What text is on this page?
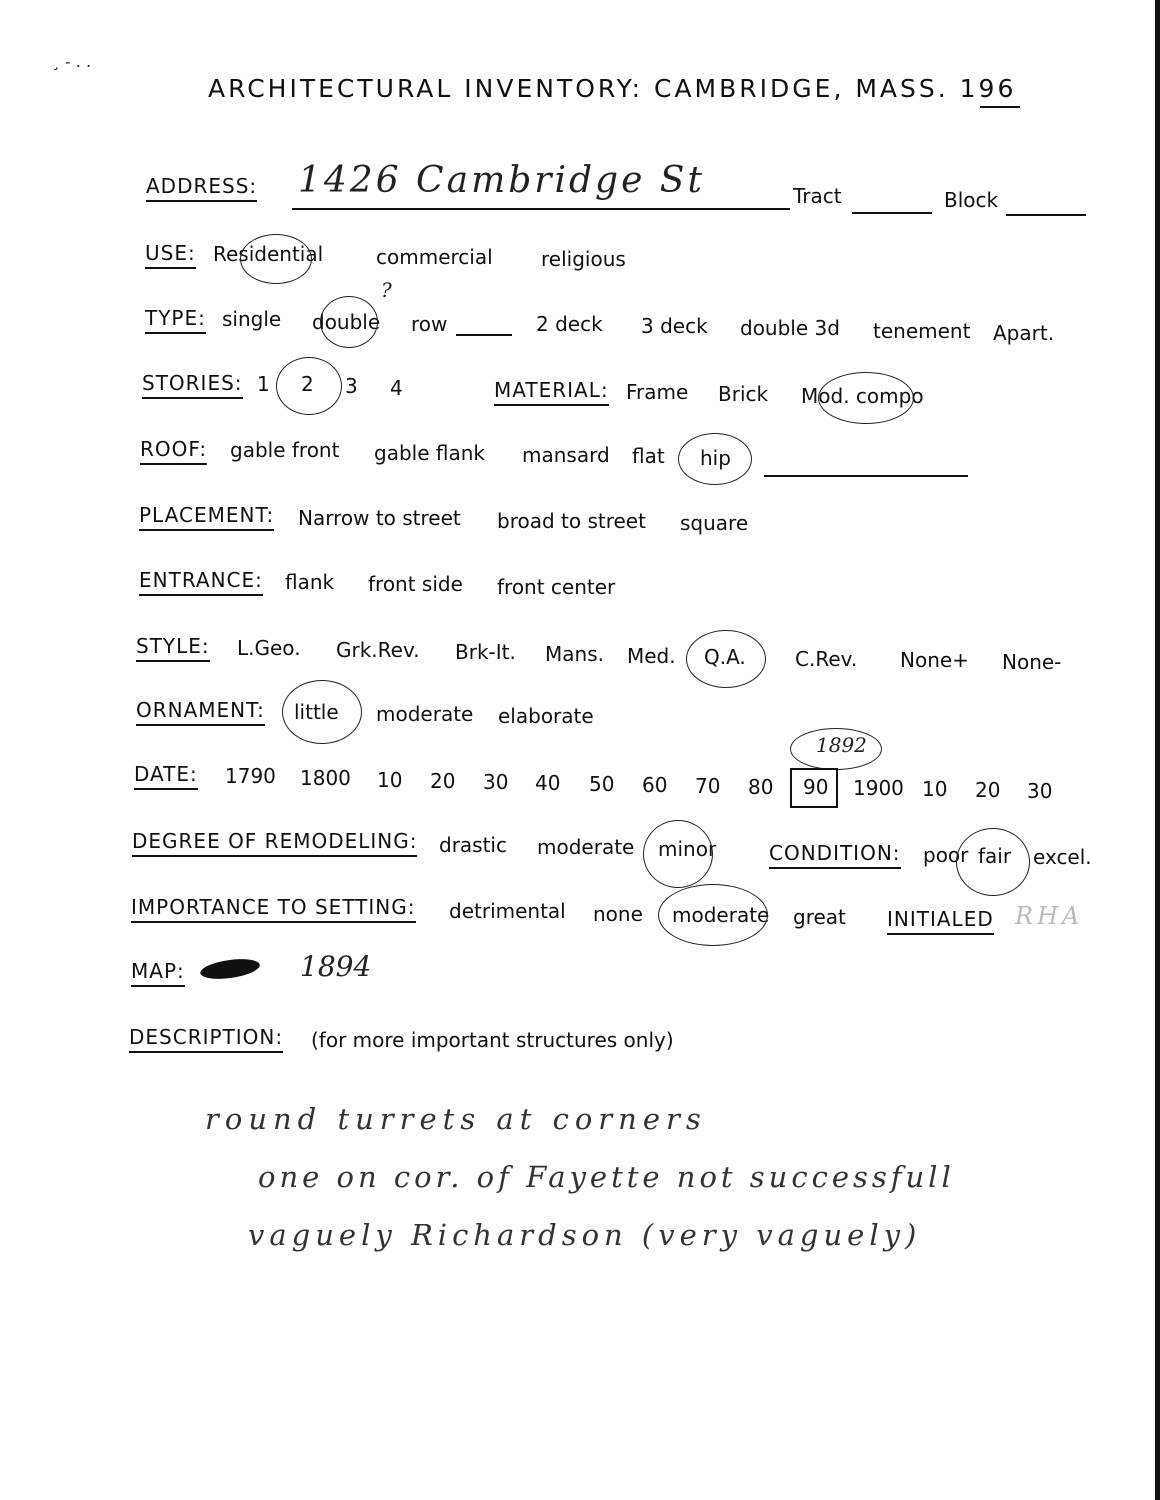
¸ - ․ .
ARCHITECTURAL INVENTORY: CAMBRIDGE, MASS. 196
ADDRESS: 1426 Cambridge St	Tract	Block
USE: Residential	commercial religious
TYPE: single double
?
row	2 deck 3 deck double 3d tenement Apart.
STORIES: 1 2 3 4	MATERIAL: Frame Brick Mod. compo
ROOF: gable front gable flank mansard flat hip
PLACEMENT: Narrow to street broad to street square
ENTRANCE: flank front side front center
STYLE: L.Geo. Grk.Rev. Brk-It. Mans. Med. Q.A. C.Rev. None+ None-
ORNAMENT: little moderate elaborate
1892
DATE: 1790 1800 10 20 30 40 50 60 70 80 90 1900 10 20 30
DEGREE OF REMODELING: drastic moderate minor	CONDITION: poor fair excel.
IMPORTANCE TO SETTING: detrimental none moderate great INITIALED RHA
MAP:	1894
DESCRIPTION: (for more important structures only)
round turrets at corners
one on cor. of Fayette not successfull
vaguely Richardson (very vaguely)
